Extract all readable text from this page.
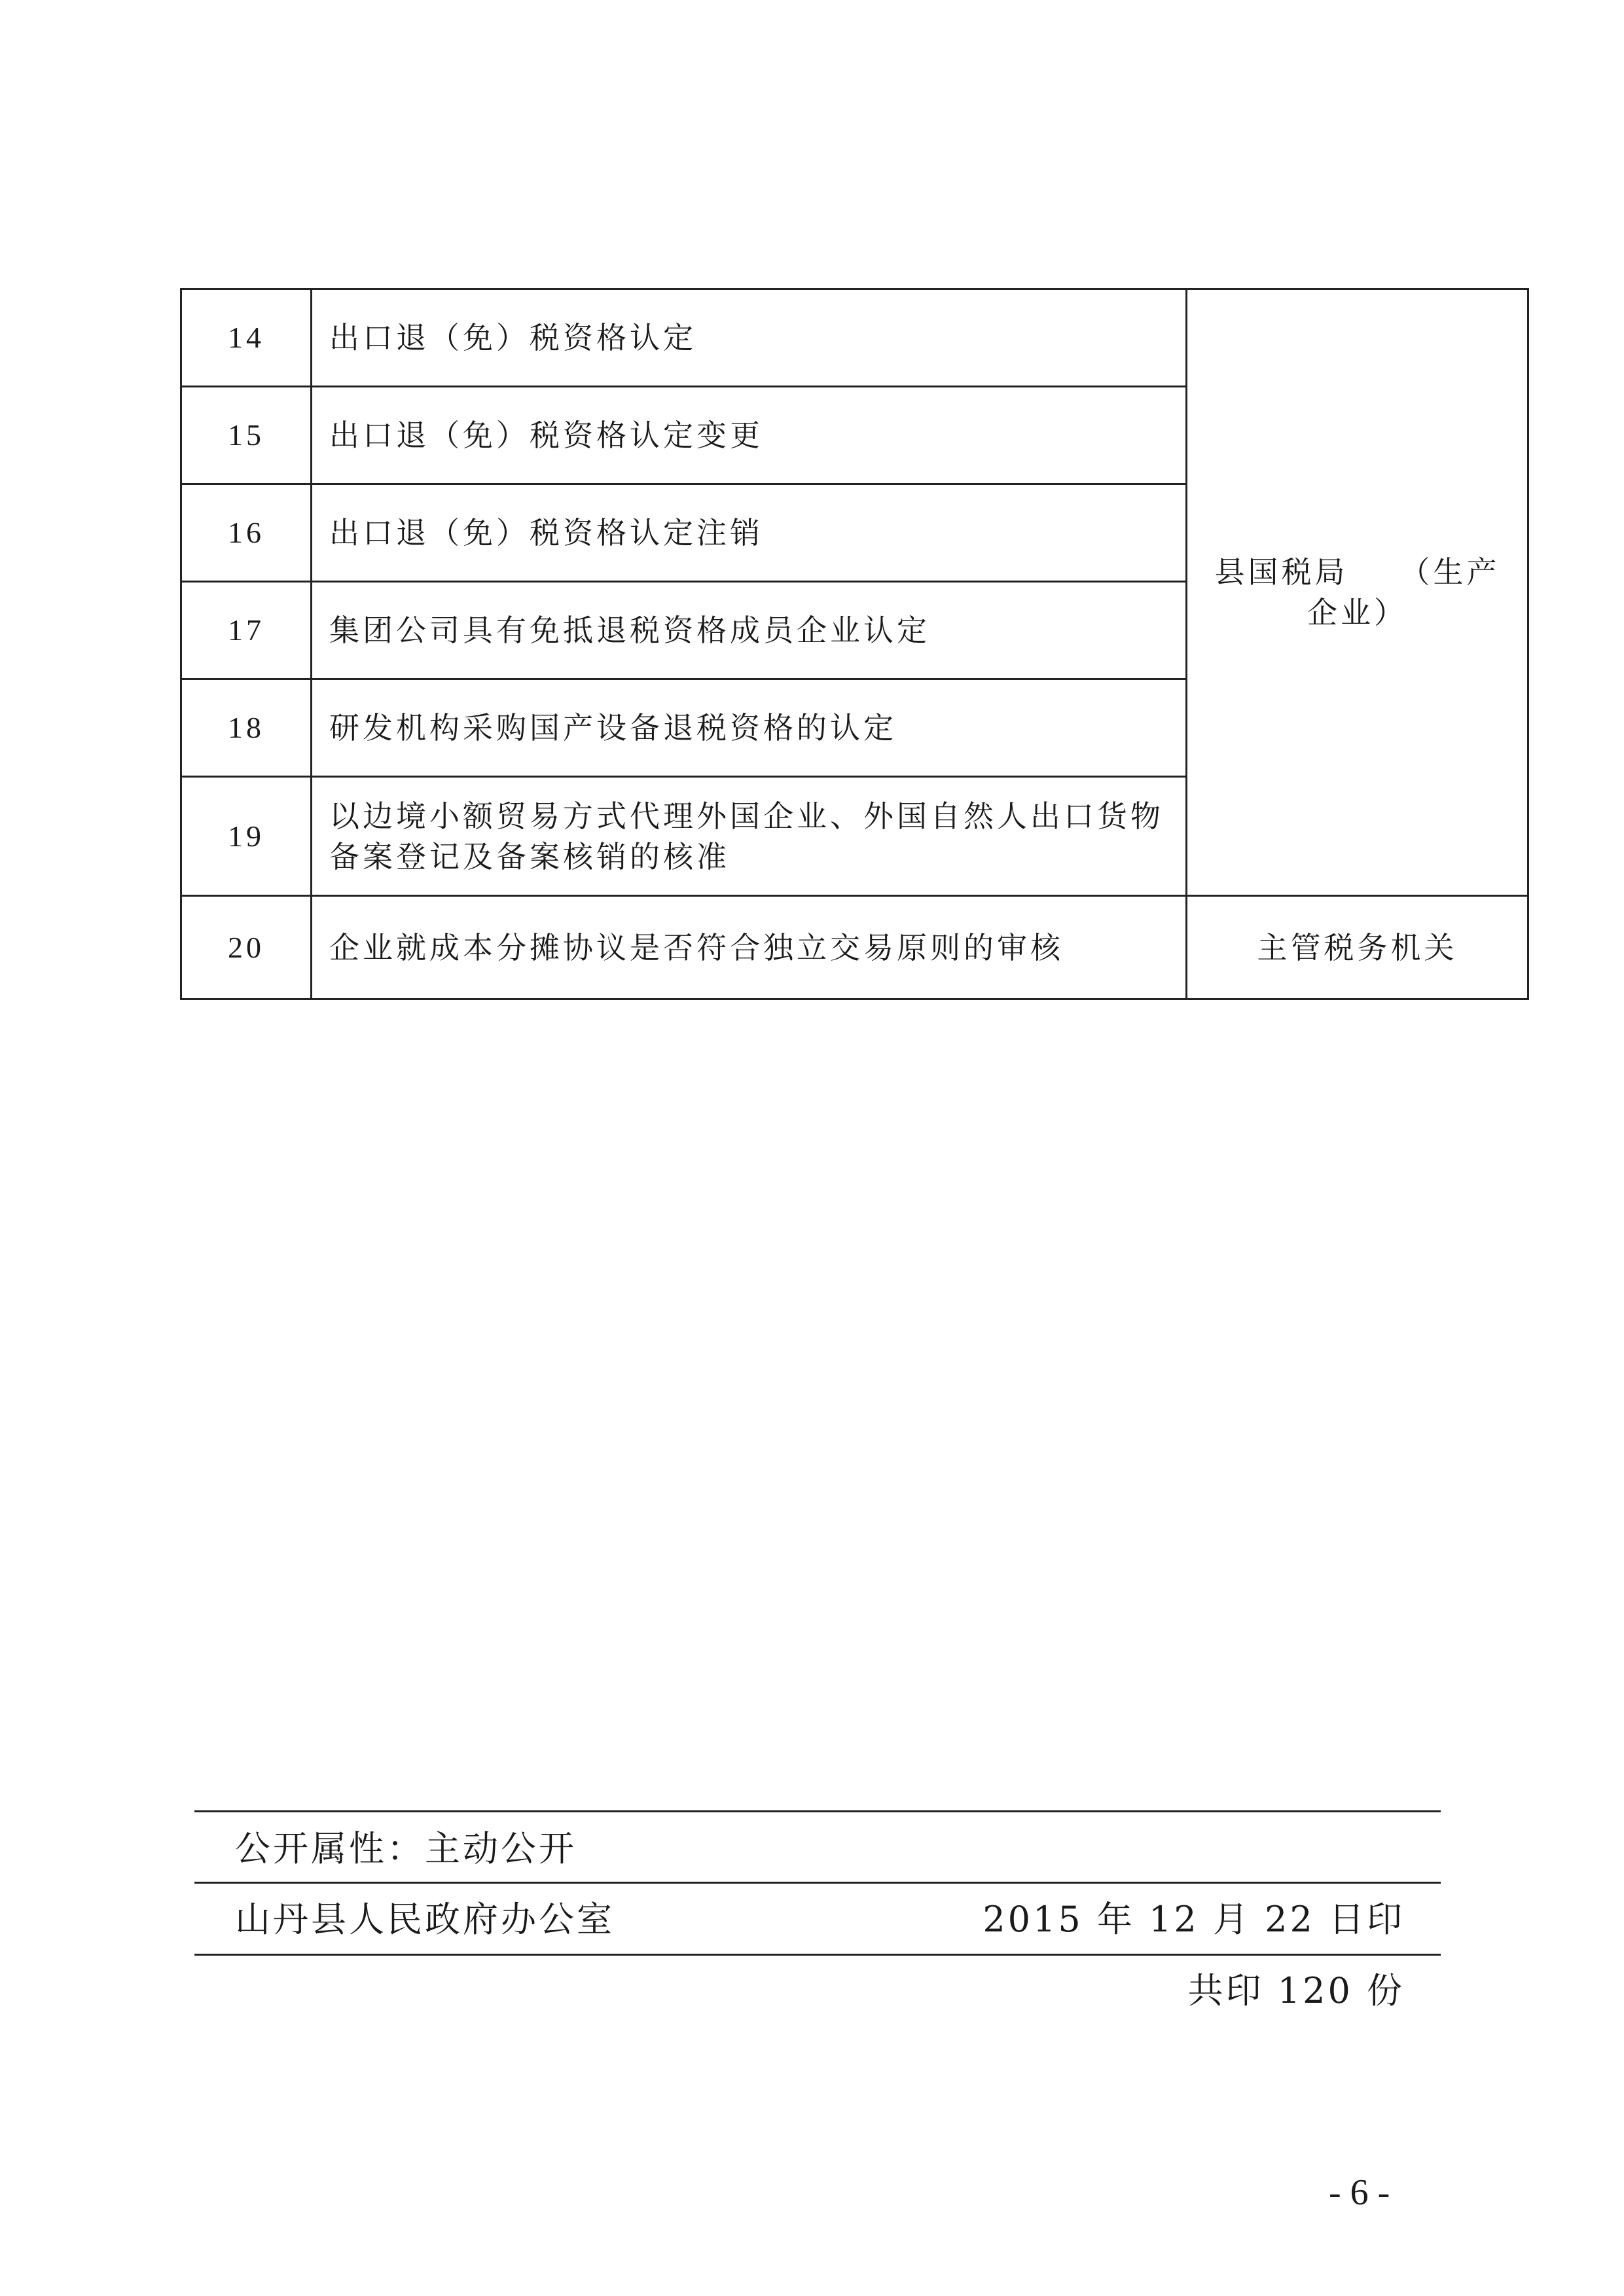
14	出口退（免）税资格认定	县国税局　　（生产企业）
15	出口退（免）税资格认定变更	
16	出口退（免）税资格认定注销	
17	集团公司具有免抵退税资格成员企业认定	
18	研发机构采购国产设备退税资格的认定	
19	以边境小额贸易方式代理外国企业、外国自然人出口货物备案登记及备案核销的核准	
20	企业就成本分摊协议是否符合独立交易原则的审核	主管税务机关
公开属性：主动公开
山丹县人民政府办公室	2015 年 12 月 22 日印
共印 120 份
- 6 -
